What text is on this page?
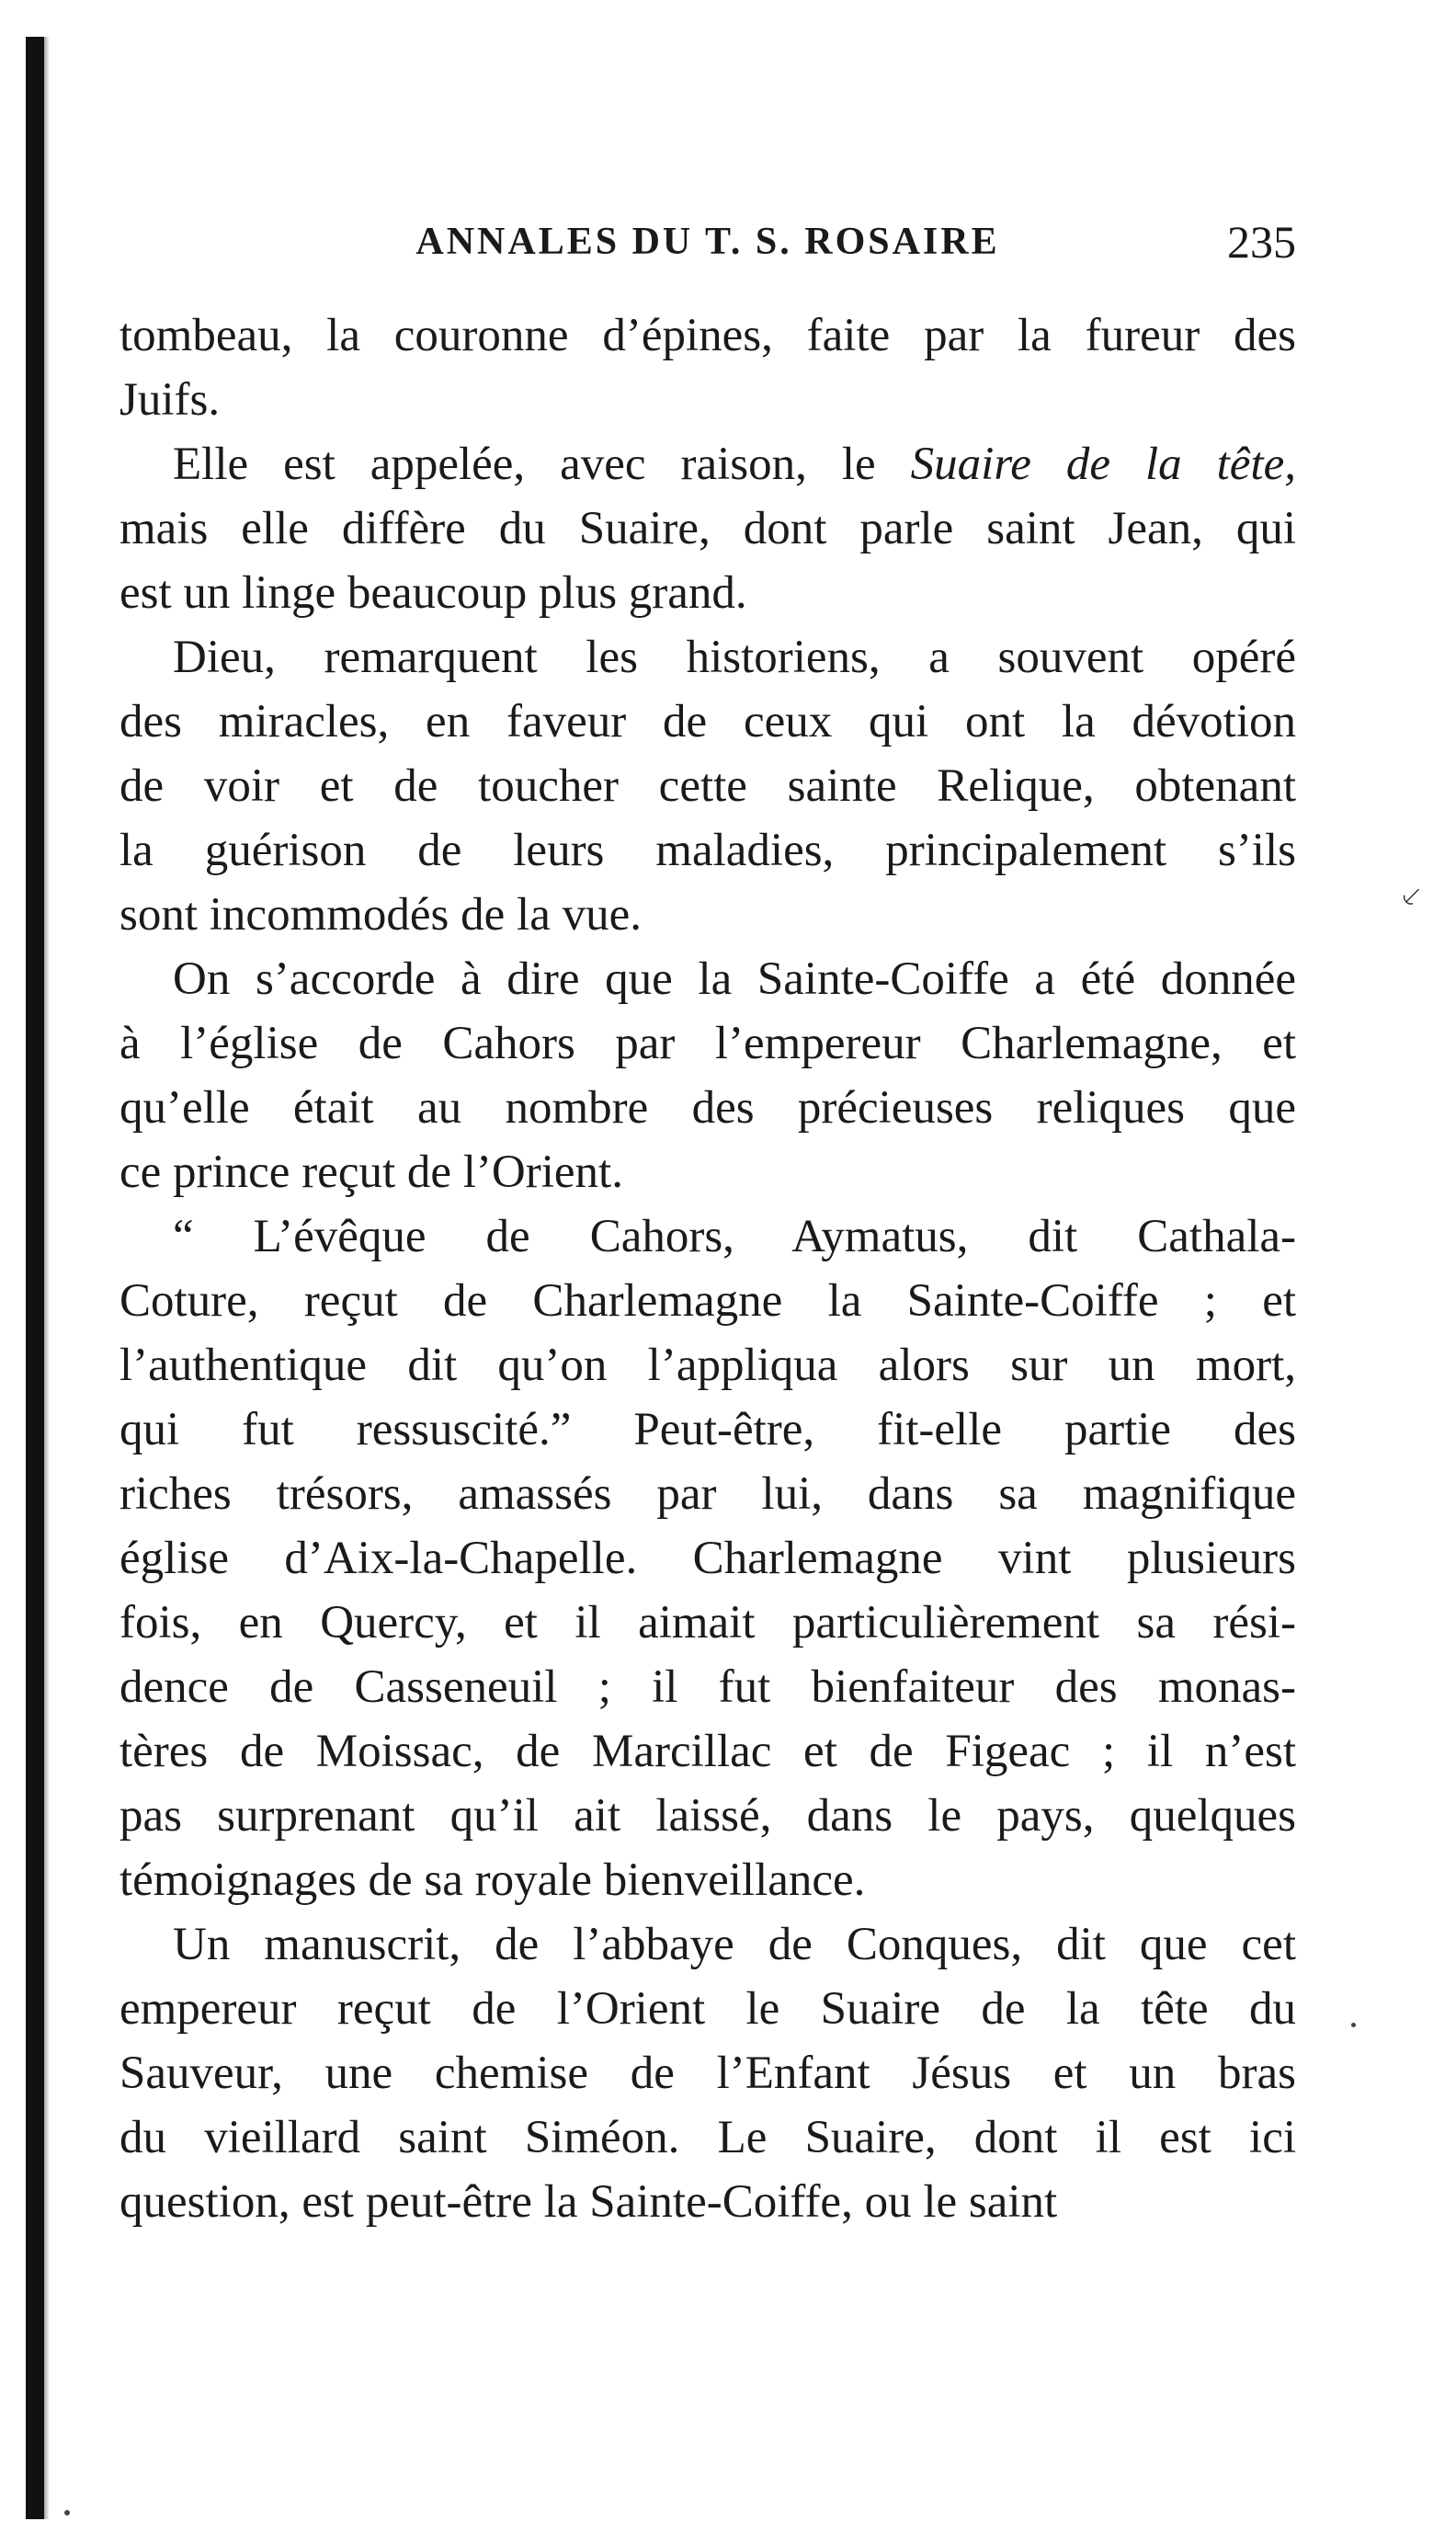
ANNALES DU T. S. ROSAIRE	235
tombeau, la couronne d’épines, faite par la fureur des
Juifs.
Elle est appelée, avec raison, le Suaire de la tête,
mais elle diffère du Suaire, dont parle saint Jean, qui
est un linge beaucoup plus grand.
Dieu, remarquent les historiens, a souvent opéré
des miracles, en faveur de ceux qui ont la dévotion
de voir et de toucher cette sainte Relique, obtenant
la guérison de leurs maladies, principalement s’ils
sont incommodés de la vue.
On s’accorde à dire que la Sainte-Coiffe a été donnée
à l’église de Cahors par l’empereur Charlemagne, et
qu’elle était au nombre des précieuses reliques que
ce prince reçut de l’Orient.
“ L’évêque de Cahors, Aymatus, dit Cathala-
Coture, reçut de Charlemagne la Sainte-Coiffe ; et
l’authentique dit qu’on l’appliqua alors sur un mort,
qui fut ressuscité.” Peut-être, fit-elle partie des
riches trésors, amassés par lui, dans sa magnifique
église d’Aix-la-Chapelle. Charlemagne vint plusieurs
fois, en Quercy, et il aimait particulièrement sa rési-
dence de Casseneuil ; il fut bienfaiteur des monas-
tères de Moissac, de Marcillac et de Figeac ; il n’est
pas surprenant qu’il ait laissé, dans le pays, quelques
témoignages de sa royale bienveillance.
Un manuscrit, de l’abbaye de Conques, dit que cet
empereur reçut de l’Orient le Suaire de la tête du
Sauveur, une chemise de l’Enfant Jésus et un bras
du vieillard saint Siméon. Le Suaire, dont il est ici
question, est peut-être la Sainte-Coiffe, ou le saint
⸔
